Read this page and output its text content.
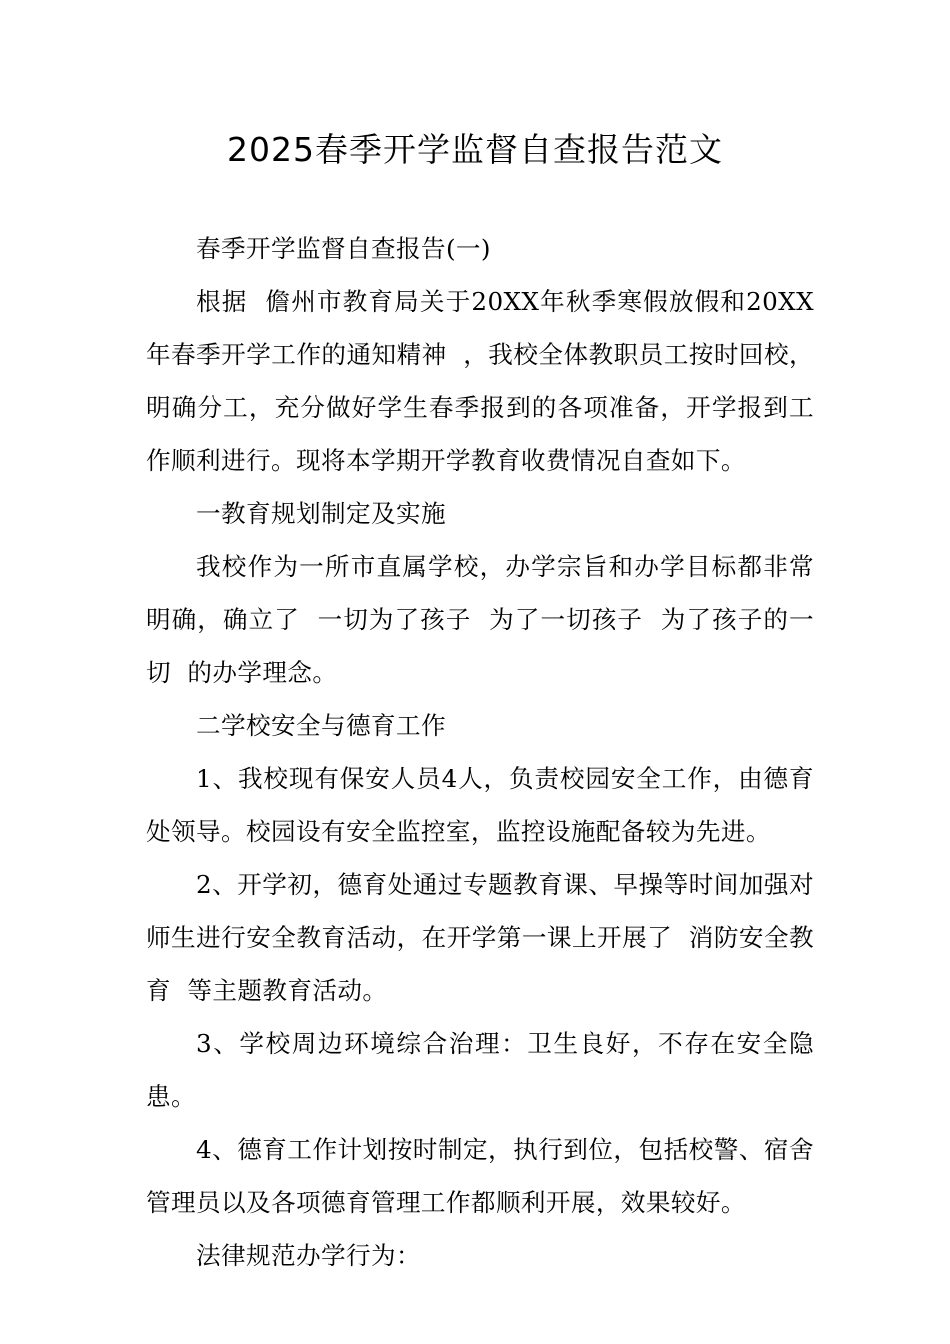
2025春季开学监督自查报告范文

春季开学监督自查报告(一)

根据  儋州市教育局关于20XX年秋季寒假放假和20XX年春季开学工作的通知精神  ，我校全体教职员工按时回校，明确分工，充分做好学生春季报到的各项准备，开学报到工作顺利进行。现将本学期开学教育收费情况自查如下。

一教育规划制定及实施

我校作为一所市直属学校，办学宗旨和办学目标都非常明确，确立了  一切为了孩子  为了一切孩子  为了孩子的一切  的办学理念。

二学校安全与德育工作

1、我校现有保安人员4人，负责校园安全工作，由德育处领导。校园设有安全监控室，监控设施配备较为先进。

2、开学初，德育处通过专题教育课、早操等时间加强对师生进行安全教育活动，在开学第一课上开展了  消防安全教育  等主题教育活动。

3、学校周边环境综合治理：卫生良好，不存在安全隐患。

4、德育工作计划按时制定，执行到位，包括校警、宿舍管理员以及各项德育管理工作都顺利开展，效果较好。

法律规范办学行为：
